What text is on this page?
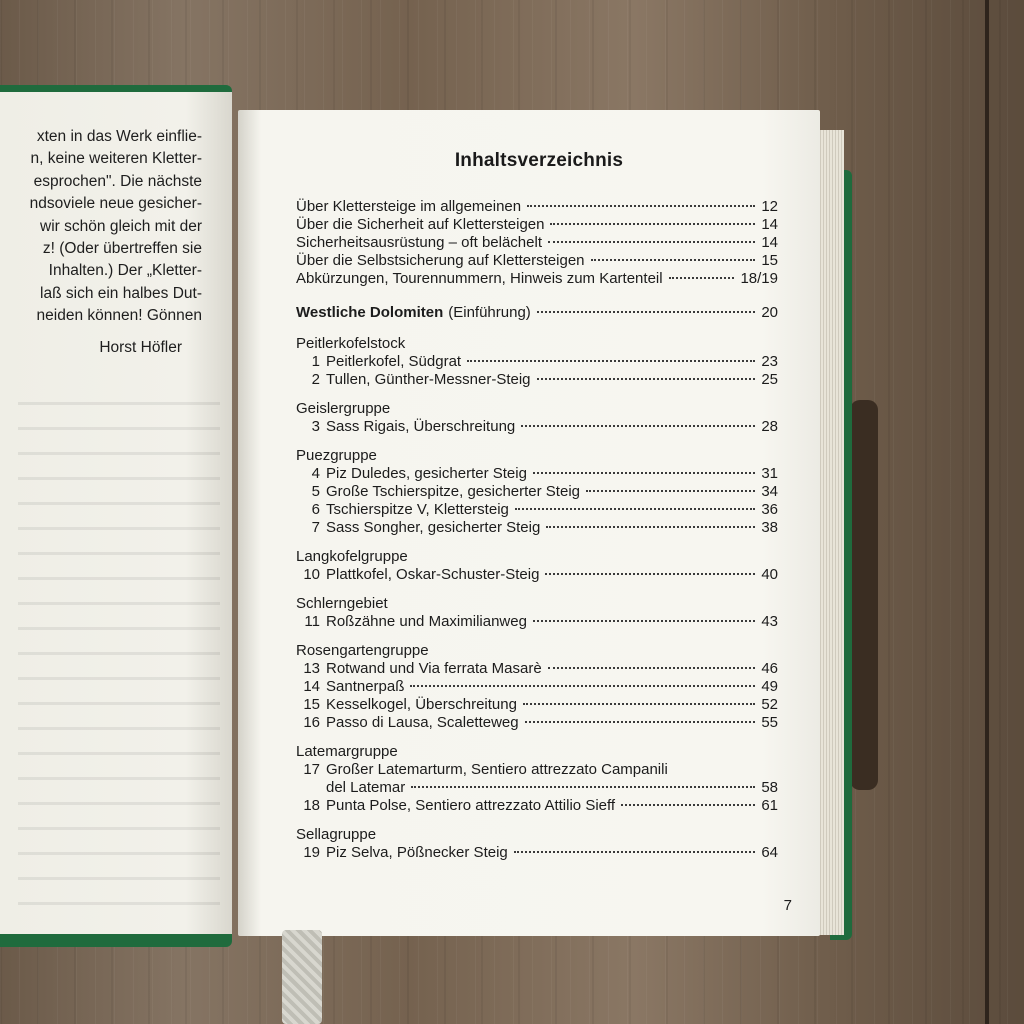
xten in das Werk einflie-
n, keine weiteren Kletter-
esprochen". Die nächste
ndsoviele neue gesicher-
wir schön gleich mit der
z! (Oder übertreffen sie
Inhalten.) Der „Kletter-
laß sich ein halbes Dut-
neiden können! Gönnen
Horst Höfler
Inhaltsverzeichnis
Über Klettersteige im allgemeinen	12
Über die Sicherheit auf Klettersteigen	14
Sicherheitsausrüstung – oft belächelt	14
Über die Selbstsicherung auf Klettersteigen	15
Abkürzungen, Tourennummern, Hinweis zum Kartenteil	18/19
Westliche Dolomiten (Einführung)	20
Peitlerkofelstock
1 Peitlerkofel, Südgrat	23
2 Tullen, Günther-Messner-Steig	25
Geislergruppe
3 Sass Rigais, Überschreitung	28
Puezgruppe
4 Piz Duledes, gesicherter Steig	31
5 Große Tschierspitze, gesicherter Steig	34
6 Tschierspitze V, Klettersteig	36
7 Sass Songher, gesicherter Steig	38
Langkofelgruppe
10 Plattkofel, Oskar-Schuster-Steig	40
Schlerngebiet
11 Roßzähne und Maximilianweg	43
Rosengartengruppe
13 Rotwand und Via ferrata Masarè	46
14 Santnerpaß	49
15 Kesselkogel, Überschreitung	52
16 Passo di Lausa, Scaletteweg	55
Latemargruppe
17 Großer Latemarturm, Sentiero attrezzato Campanili
del Latemar	58
18 Punta Polse, Sentiero attrezzato Attilio Sieff	61
Sellagruppe
19 Piz Selva, Pößnecker Steig	64
7
